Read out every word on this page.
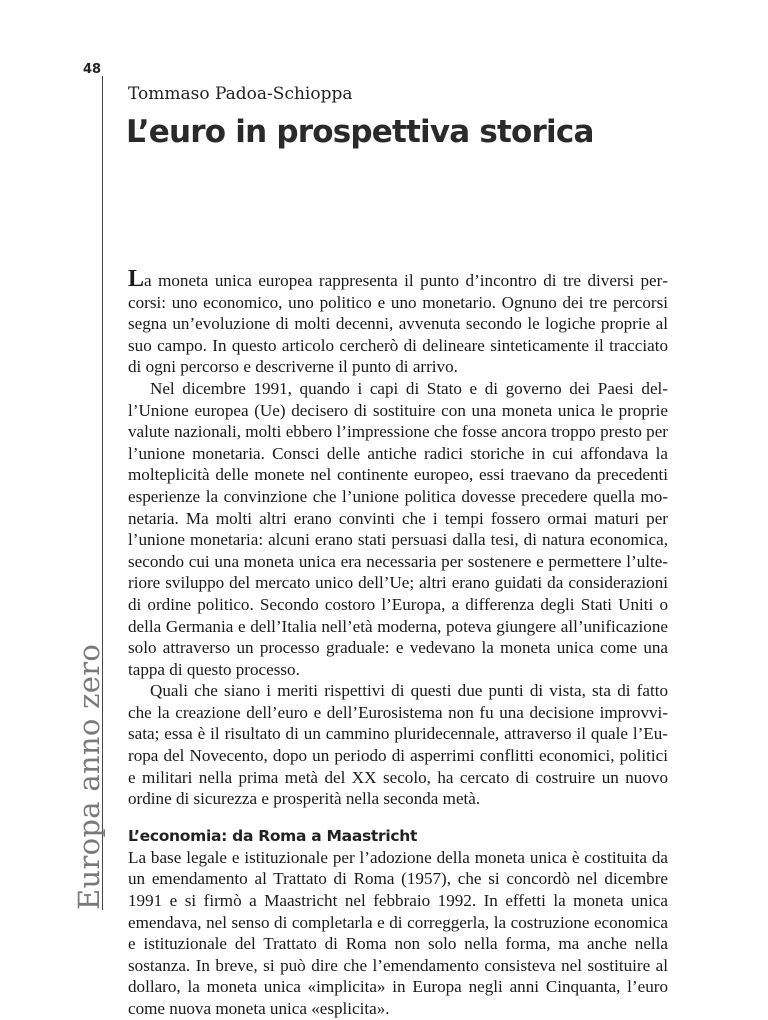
48
Europa anno zero
Tommaso Padoa-Schioppa
L’euro in prospettiva storica

La moneta unica europea rappresenta il punto d’incontro di tre diversi percorsi: uno economico, uno politico e uno monetario. Ognuno dei tre percorsi segna un’evoluzione di molti decenni, avvenuta secondo le logiche proprie al suo campo. In questo articolo cercherò di delineare sinteticamente il tracciato di ogni percorso e descriverne il punto di arrivo.

Nel dicembre 1991, quando i capi di Stato e di governo dei Paesi dell’Unione europea (Ue) decisero di sostituire con una moneta unica le proprie valute nazionali, molti ebbero l’impressione che fosse ancora troppo presto per l’unione monetaria. Consci delle antiche radici storiche in cui affondava la molteplicità delle monete nel continente europeo, essi traevano da precedenti esperienze la convinzione che l’unione politica dovesse precedere quella monetaria. Ma molti altri erano convinti che i tempi fossero ormai maturi per l’unione monetaria: alcuni erano stati persuasi dalla tesi, di natura economica, secondo cui una moneta unica era necessaria per sostenere e permettere l’ulteriore sviluppo del mercato unico dell’Ue; altri erano guidati da considerazioni di ordine politico. Secondo costoro l’Europa, a differenza degli Stati Uniti o della Germania e dell’Italia nell’età moderna, poteva giungere all’unificazione solo attraverso un processo graduale: e vedevano la moneta unica come una tappa di questo processo.

Quali che siano i meriti rispettivi di questi due punti di vista, sta di fatto che la creazione dell’euro e dell’Eurosistema non fu una decisione improvvisata; essa è il risultato di un cammino pluridecennale, attraverso il quale l’Europa del Novecento, dopo un periodo di asperrimi conflitti economici, politici e militari nella prima metà del XX secolo, ha cercato di costruire un nuovo ordine di sicurezza e prosperità nella seconda metà.

L’economia: da Roma a Maastricht

La base legale e istituzionale per l’adozione della moneta unica è costituita da un emendamento al Trattato di Roma (1957), che si concordò nel dicembre 1991 e si firmò a Maastricht nel febbraio 1992. In effetti la moneta unica emendava, nel senso di completarla e di correggerla, la costruzione economica e istituzionale del Trattato di Roma non solo nella forma, ma anche nella sostanza. In breve, si può dire che l’emendamento consisteva nel sostituire al dollaro, la moneta unica «implicita» in Europa negli anni Cinquanta, l’euro come nuova moneta unica «esplicita».
